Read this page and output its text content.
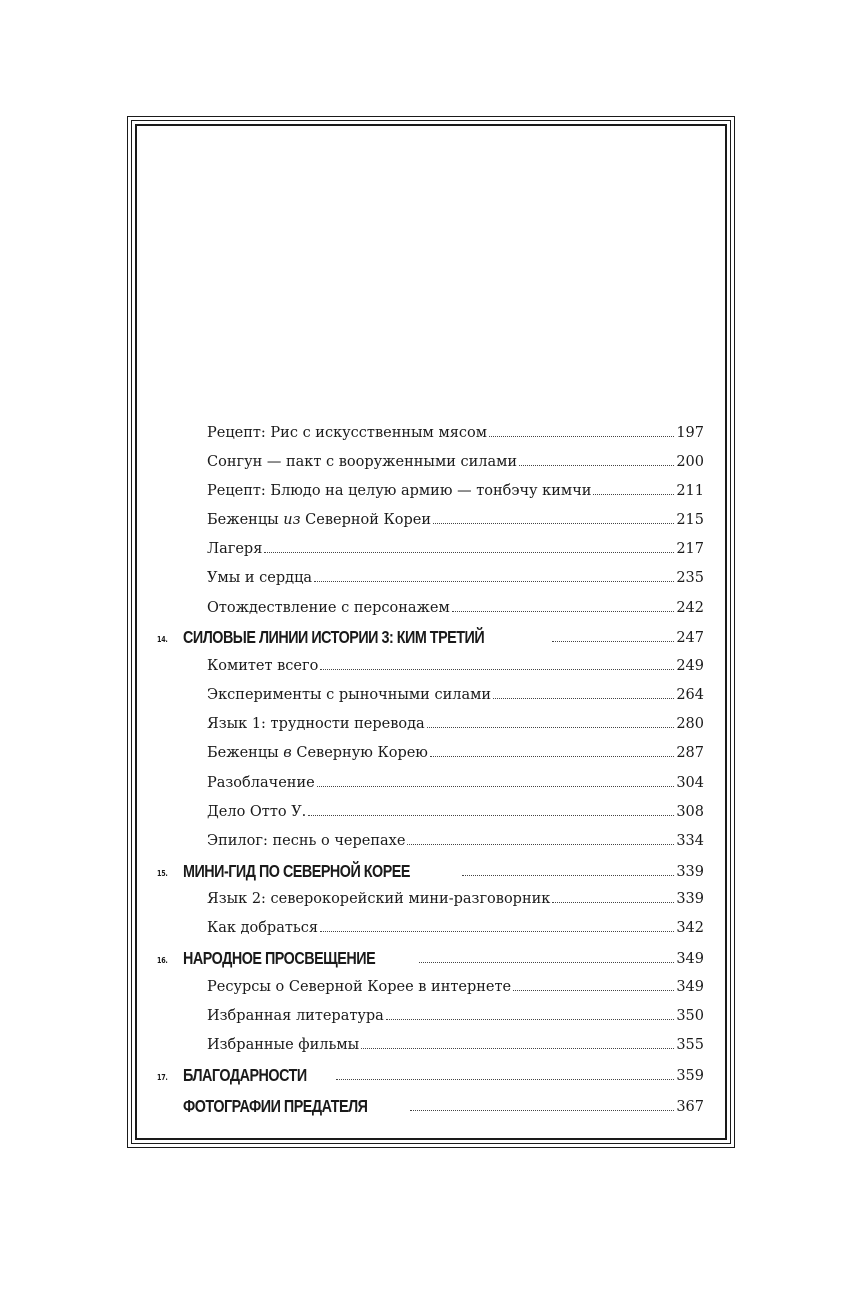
Рецепт: Рис с искусственным мясом	197
Сонгун — пакт с вооруженными силами	200
Рецепт: Блюдо на целую армию — тонбэчу кимчи	211
Беженцы из Северной Кореи	215
Лагеря	217
Умы и сердца	235
Отождествление с персонажем	242
14. СИЛОВЫЕ ЛИНИИ ИСТОРИИ 3: КИМ ТРЕТИЙ	247
Комитет всего	249
Эксперименты с рыночными силами	264
Язык 1: трудности перевода	280
Беженцы в Северную Корею	287
Разоблачение	304
Дело Отто У.	308
Эпилог: песнь о черепахе	334
15. МИНИ-ГИД ПО СЕВЕРНОЙ КОРЕЕ	339
Язык 2: северокорейский мини-разговорник	339
Как добраться	342
16. НАРОДНОЕ ПРОСВЕЩЕНИЕ	349
Ресурсы о Северной Корее в интернете	349
Избранная литература	350
Избранные фильмы	355
17. БЛАГОДАРНОСТИ	359
ФОТОГРАФИИ ПРЕДАТЕЛЯ	367
